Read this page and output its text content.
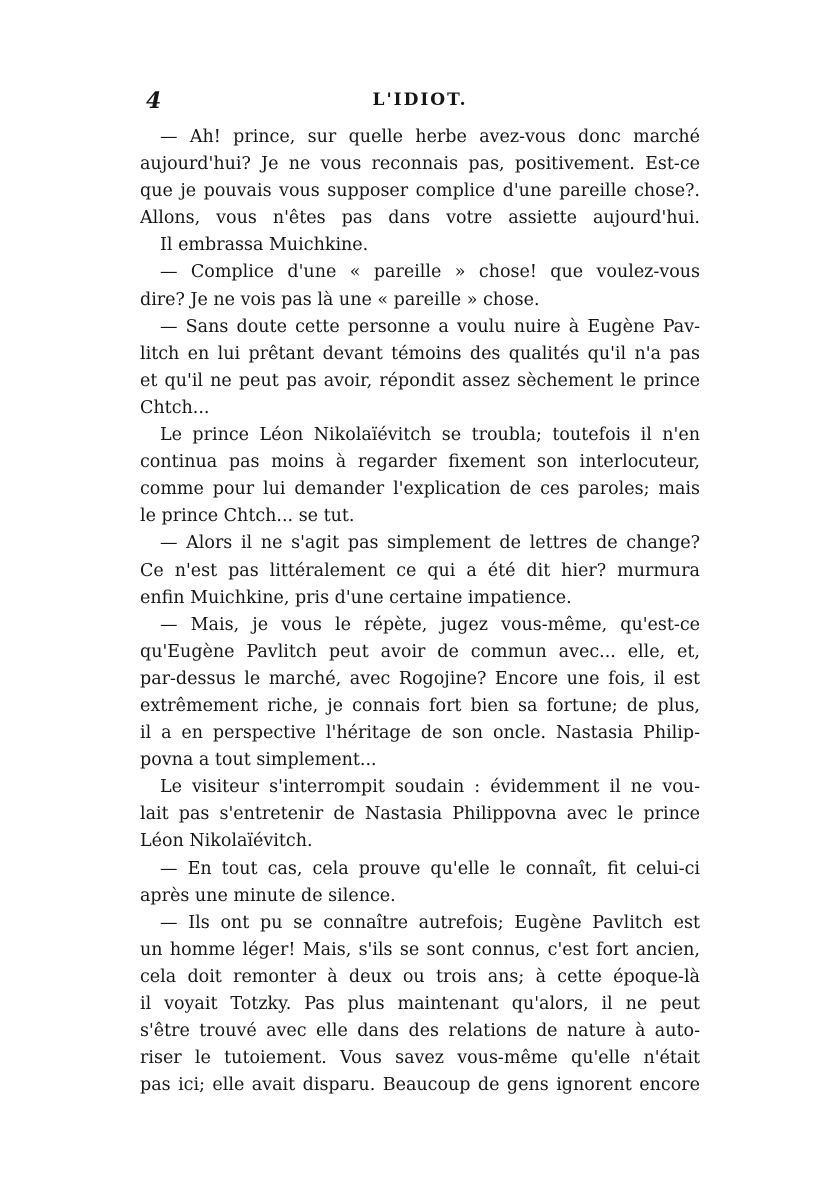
4	L'IDIOT.
— Ah! prince, sur quelle herbe avez-vous donc marché
aujourd'hui? Je ne vous reconnais pas, positivement. Est-ce
que je pouvais vous supposer complice d'une pareille chose?.
Allons, vous n'êtes pas dans votre assiette aujourd'hui.
Il embrassa Muichkine.
— Complice d'une « pareille » chose! que voulez-vous
dire? Je ne vois pas là une « pareille » chose.
— Sans doute cette personne a voulu nuire à Eugène Pav-
litch en lui prêtant devant témoins des qualités qu'il n'a pas
et qu'il ne peut pas avoir, répondit assez sèchement le prince
Chtch...
Le prince Léon Nikolaïévitch se troubla; toutefois il n'en
continua pas moins à regarder fixement son interlocuteur,
comme pour lui demander l'explication de ces paroles; mais
le prince Chtch... se tut.
— Alors il ne s'agit pas simplement de lettres de change?
Ce n'est pas littéralement ce qui a été dit hier? murmura
enfin Muichkine, pris d'une certaine impatience.
— Mais, je vous le répète, jugez vous-même, qu'est-ce
qu'Eugène Pavlitch peut avoir de commun avec... elle, et,
par-dessus le marché, avec Rogojine? Encore une fois, il est
extrêmement riche, je connais fort bien sa fortune; de plus,
il a en perspective l'héritage de son oncle. Nastasia Philip-
povna a tout simplement...
Le visiteur s'interrompit soudain : évidemment il ne vou-
lait pas s'entretenir de Nastasia Philippovna avec le prince
Léon Nikolaïévitch.
— En tout cas, cela prouve qu'elle le connaît, fit celui-ci
après une minute de silence.
— Ils ont pu se connaître autrefois; Eugène Pavlitch est
un homme léger! Mais, s'ils se sont connus, c'est fort ancien,
cela doit remonter à deux ou trois ans; à cette époque-là
il voyait Totzky. Pas plus maintenant qu'alors, il ne peut
s'être trouvé avec elle dans des relations de nature à auto-
riser le tutoiement. Vous savez vous-même qu'elle n'était
pas ici; elle avait disparu. Beaucoup de gens ignorent encore
